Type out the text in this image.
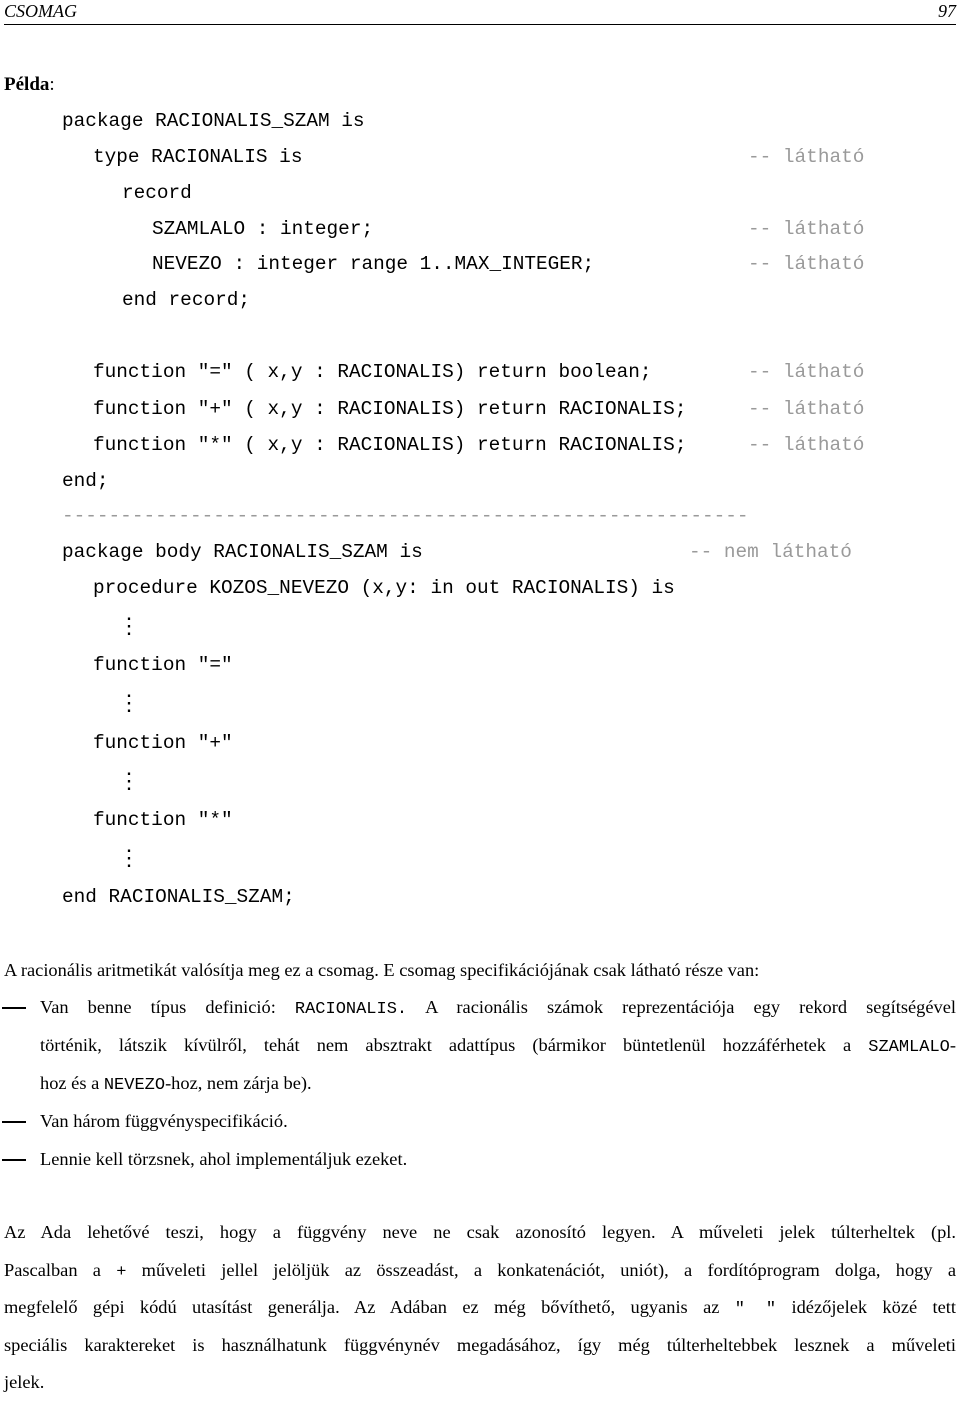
CSOMAG	97
Példa:
package RACIONALIS_SZAM is
type RACIONALIS is	-- látható
record
SZAMLALO : integer;	-- látható
NEVEZO : integer range 1..MAX_INTEGER;	-- látható
end record;
function ″=″ ( x,y : RACIONALIS) return boolean;	-- látható
function ″+″ ( x,y : RACIONALIS) return RACIONALIS;	-- látható
function ″*″ ( x,y : RACIONALIS) return RACIONALIS;	-- látható
end;
-----------------------------------------------------------
package body RACIONALIS_SZAM is	-- nem látható
procedure KOZOS_NEVEZO (x,y: in out RACIONALIS) is
⋮
function ″=″
⋮
function ″+″
⋮
function ″*″
⋮
end RACIONALIS_SZAM;
A racionális aritmetikát valósítja meg ez a csomag. E csomag specifikációjának csak látható része van:
Van benne típus definició: RACIONALIS. A racionális számok reprezentációja egy rekord segítségével
történik, látszik kívülről, tehát nem absztrakt adattípus (bármikor büntetlenül hozzáférhetek a SZAMLALO-
hoz és a NEVEZO-hoz, nem zárja be).
Van három függvényspecifikáció.
Lennie kell törzsnek, ahol implementáljuk ezeket.
Az Ada lehetővé teszi, hogy a függvény neve ne csak azonosító legyen. A műveleti jelek túlterheltek (pl.
Pascalban a + műveleti jellel jelöljük az összeadást, a konkatenációt, uniót), a fordítóprogram dolga, hogy a
megfelelő gépi kódú utasítást generálja. Az Adában ez még bővíthető, ugyanis az ″ ″ idézőjelek közé tett
speciális karaktereket is használhatunk függvénynév megadásához, így még túlterheltebbek lesznek a műveleti
jelek.
